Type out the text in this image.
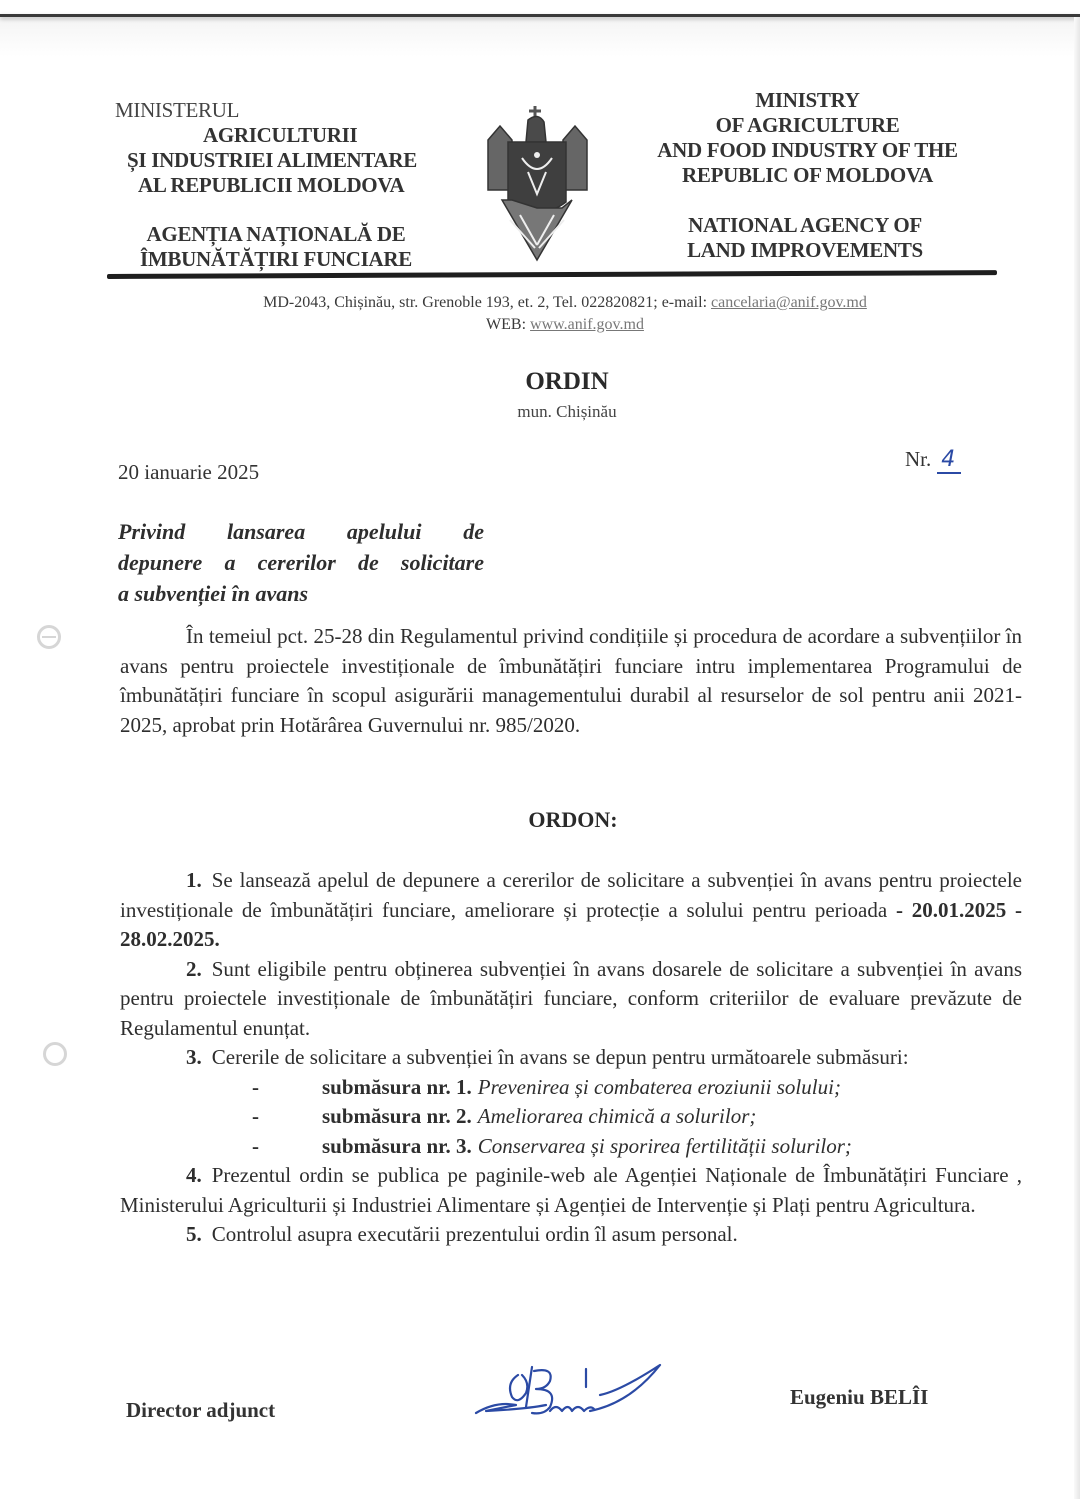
MINISTERUL
AGRICULTURII
ȘI INDUSTRIEI ALIMENTARE
AL REPUBLICII MOLDOVA
AGENȚIA NAȚIONALĂ DE
ÎMBUNĂTĂȚIRI FUNCIARE
MINISTRY
OF AGRICULTURE
AND FOOD INDUSTRY OF THE
REPUBLIC OF MOLDOVA
NATIONAL AGENCY OF
LAND IMPROVEMENTS
MD-2043, Chișinău, str. Grenoble 193, et. 2, Tel. 022820821; e-mail: cancelaria@anif.gov.md
WEB: www.anif.gov.md
ORDIN
mun. Chișinău
20 ianuarie 2025
Nr. 4
Privind lansarea apelului de
depunere a cererilor de solicitare
a subvenției în avans
În temeiul pct. 25-28 din Regulamentul privind condițiile și procedura de acordare a subvențiilor în avans pentru proiectele investiționale de îmbunătățiri funciare intru implementarea Programului de îmbunătățiri funciare în scopul asigurării managementului durabil al resurselor de sol pentru anii 2021-2025, aprobat prin Hotărârea Guvernului nr. 985/2020.
ORDON:
1. Se lansează apelul de depunere a cererilor de solicitare a subvenției în avans pentru proiectele investiționale de îmbunătățiri funciare, ameliorare și protecție a solului pentru perioada - 20.01.2025 - 28.02.2025.
2. Sunt eligibile pentru obținerea subvenției în avans dosarele de solicitare a subvenției în avans pentru proiectele investiționale de îmbunătățiri funciare, conform criteriilor de evaluare prevăzute de Regulamentul enunțat.
3. Cererile de solicitare a subvenției în avans se depun pentru următoarele submăsuri:
-	submăsura nr. 1. Prevenirea și combaterea eroziunii solului;
-	submăsura nr. 2. Ameliorarea chimică a solurilor;
-	submăsura nr. 3. Conservarea și sporirea fertilității solurilor;
4. Prezentul ordin se publica pe paginile-web ale Agenției Naționale de Îmbunătățiri Funciare , Ministerului Agriculturii și Industriei Alimentare și Agenției de Intervenție și Plați pentru Agricultura.
5. Controlul asupra executării prezentului ordin îl asum personal.
Director adjunct
Eugeniu BELÎI
